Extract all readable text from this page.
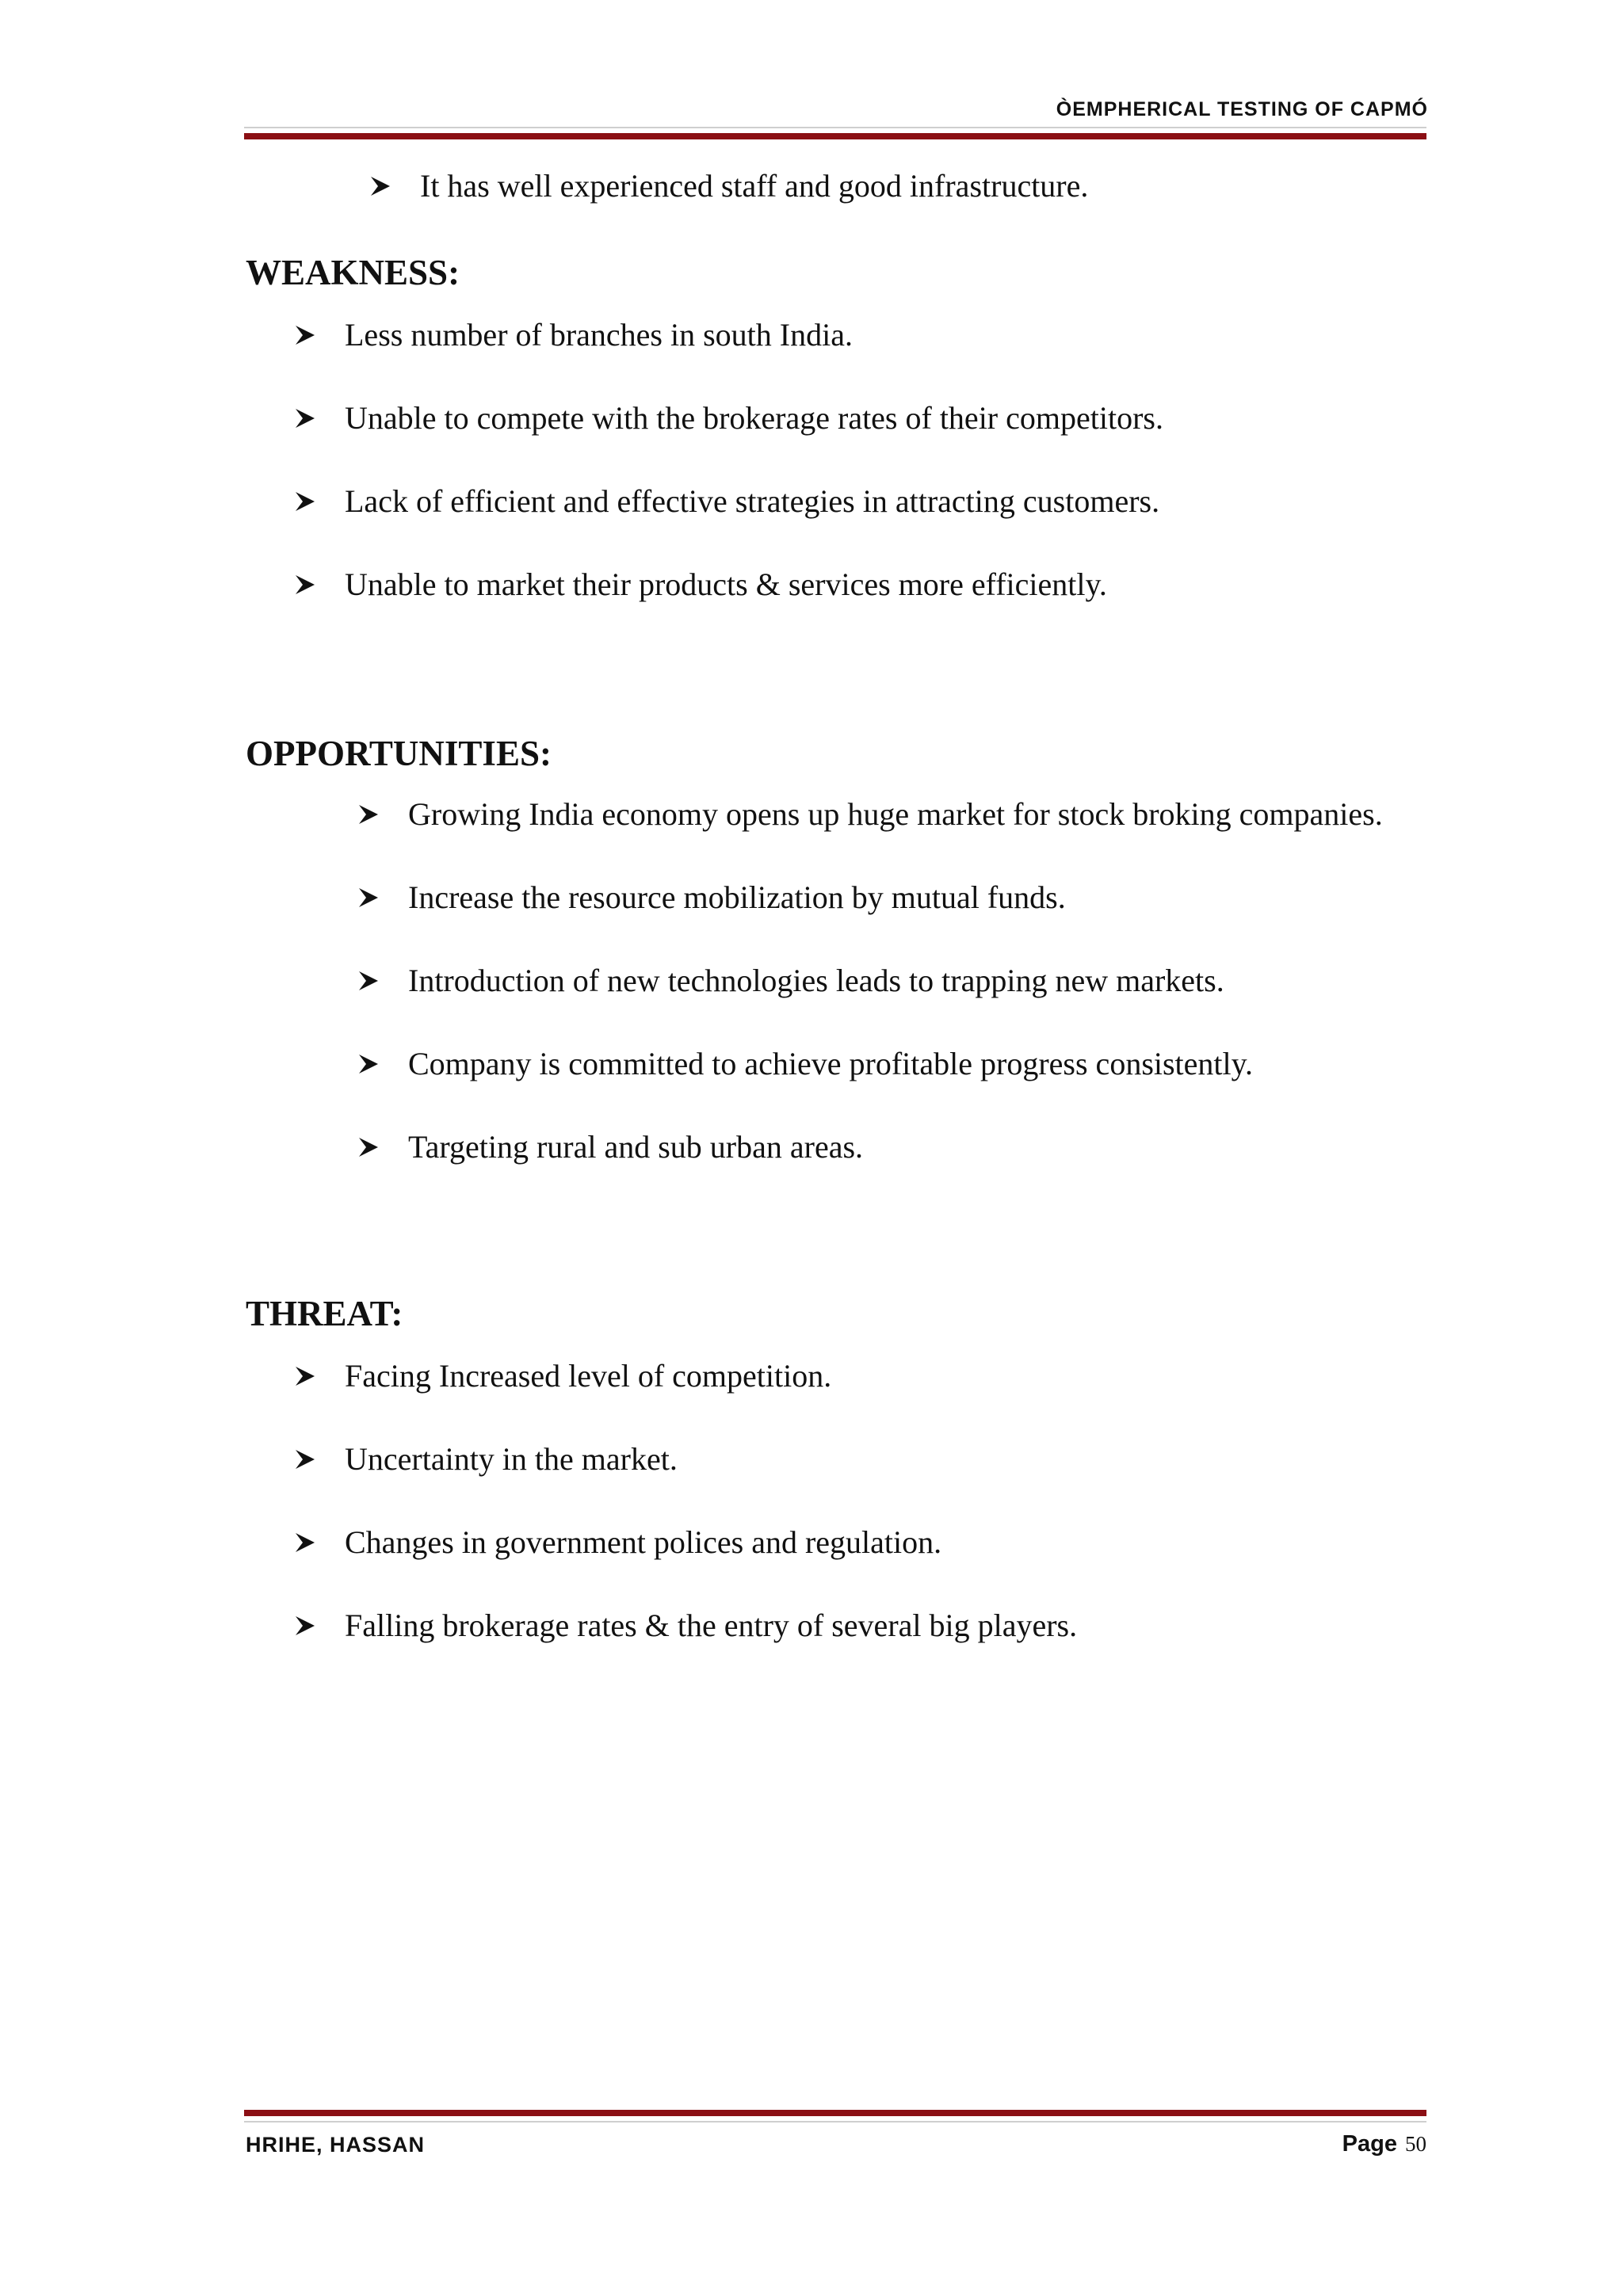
ÒEMPHERICAL TESTING OF CAPMÓ
It has well experienced staff and good infrastructure.
WEAKNESS:
Less number of branches in south India.
Unable to compete with the brokerage rates of their competitors.
Lack of efficient and effective strategies in attracting customers.
Unable to market their products & services more efficiently.
OPPORTUNITIES:
Growing India economy opens up huge market for stock broking companies.
Increase the resource mobilization by mutual funds.
Introduction of new technologies leads to trapping new markets.
Company is committed to achieve profitable progress consistently.
Targeting rural and sub urban areas.
THREAT:
Facing Increased level of competition.
Uncertainty in the market.
Changes in government polices and regulation.
Falling brokerage rates & the entry of several big players.
HRIHE, HASSAN	Page 50
